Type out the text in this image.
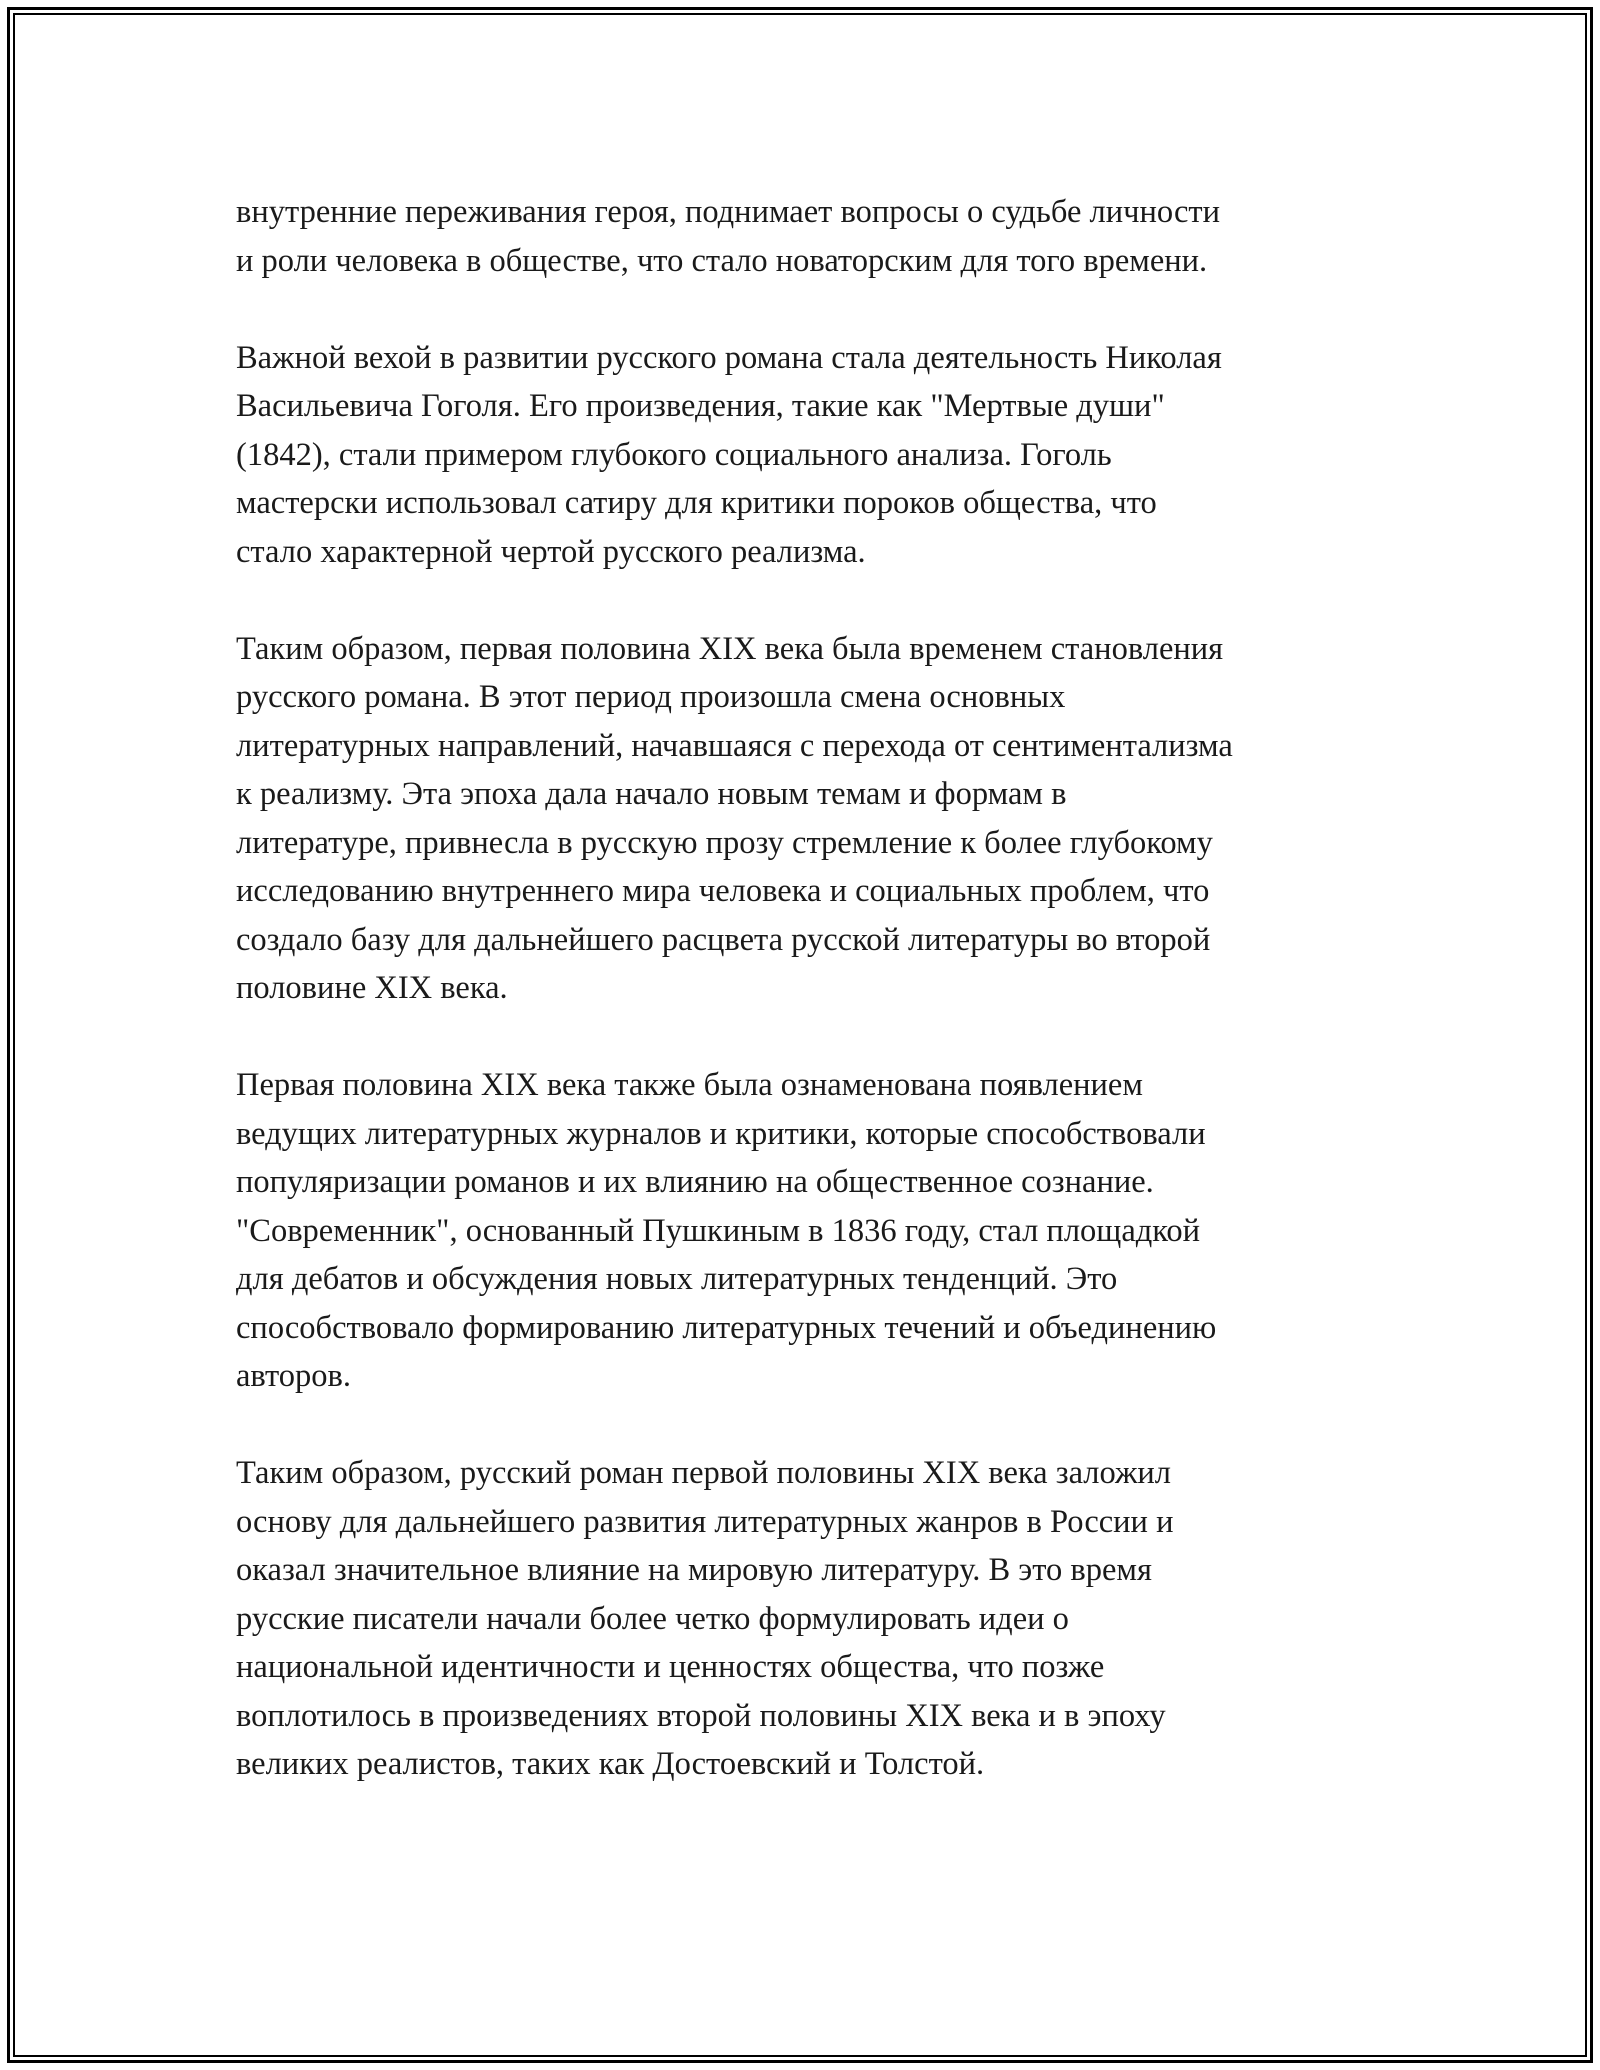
внутренние переживания героя, поднимает вопросы о судьбе личности
и роли человека в обществе, что стало новаторским для того времени.

Важной вехой в развитии русского романа стала деятельность Николая
Васильевича Гоголя. Его произведения, такие как "Мертвые души"
(1842), стали примером глубокого социального анализа. Гоголь
мастерски использовал сатиру для критики пороков общества, что
стало характерной чертой русского реализма.

Таким образом, первая половина XIX века была временем становления
русского романа. В этот период произошла смена основных
литературных направлений, начавшаяся с перехода от сентиментализма
к реализму. Эта эпоха дала начало новым темам и формам в
литературе, привнесла в русскую прозу стремление к более глубокому
исследованию внутреннего мира человека и социальных проблем, что
создало базу для дальнейшего расцвета русской литературы во второй
половине XIX века.

Первая половина XIX века также была ознаменована появлением
ведущих литературных журналов и критики, которые способствовали
популяризации романов и их влиянию на общественное сознание.
"Современник", основанный Пушкиным в 1836 году, стал площадкой
для дебатов и обсуждения новых литературных тенденций. Это
способствовало формированию литературных течений и объединению
авторов.

Таким образом, русский роман первой половины XIX века заложил
основу для дальнейшего развития литературных жанров в России и
оказал значительное влияние на мировую литературу. В это время
русские писатели начали более четко формулировать идеи о
национальной идентичности и ценностях общества, что позже
воплотилось в произведениях второй половины XIX века и в эпоху
великих реалистов, таких как Достоевский и Толстой.
